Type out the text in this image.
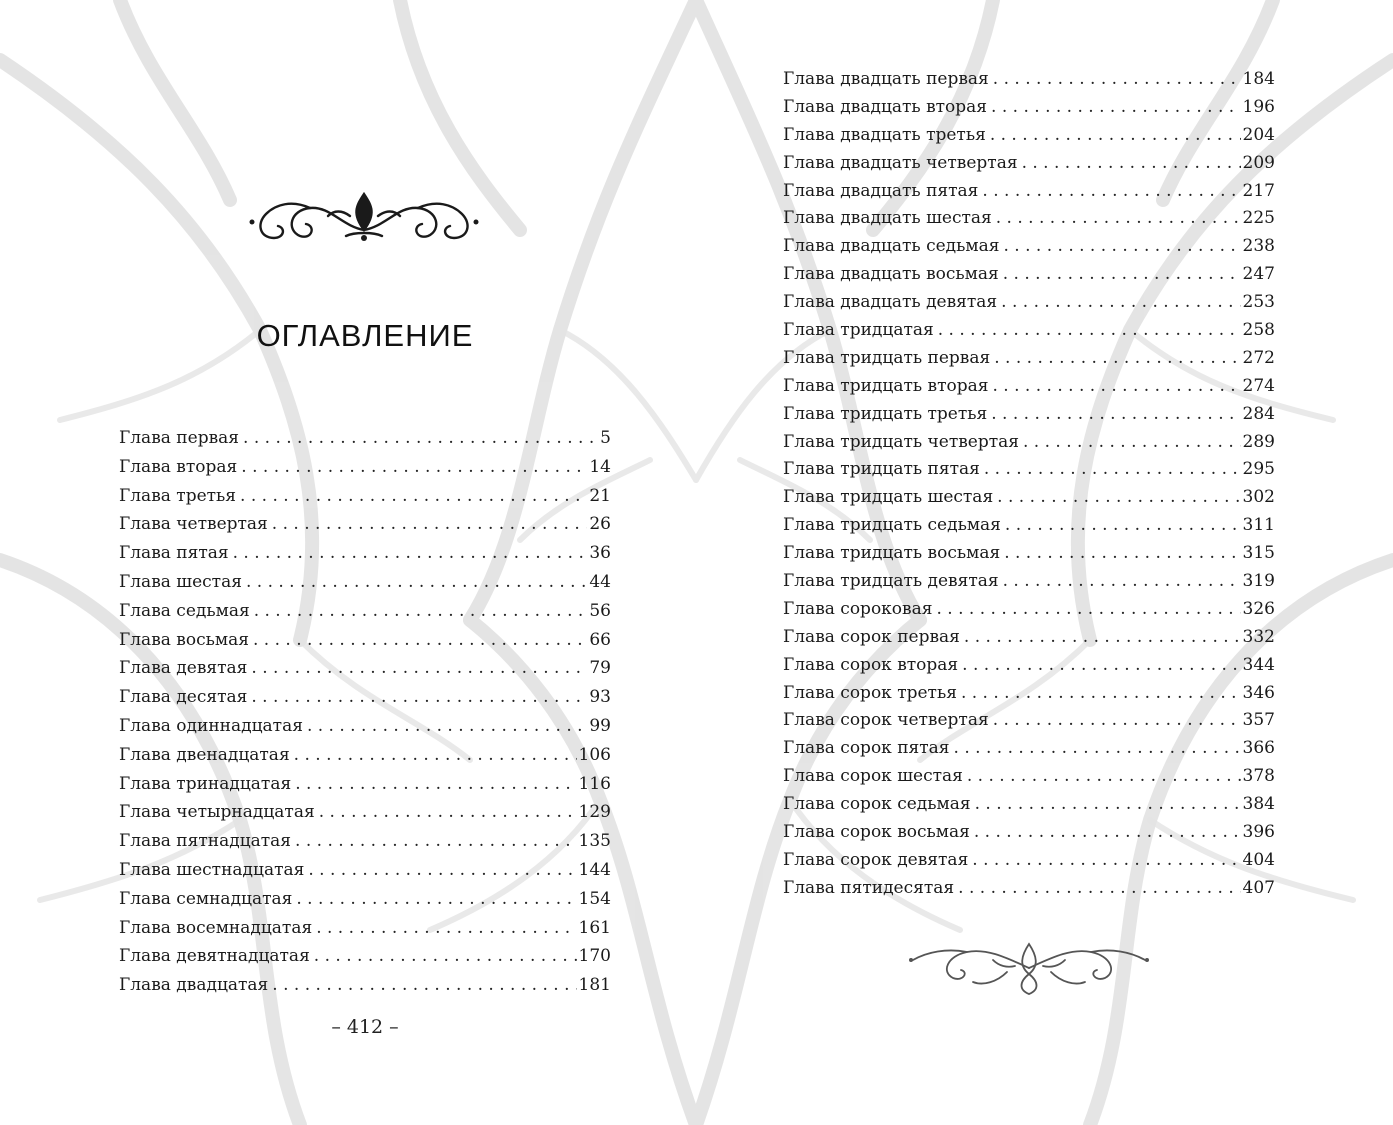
ОГЛАВЛЕНИЕ
Глава первая . . .	5
Глава вторая . . .	14
Глава третья . . .	21
Глава четвертая . . .	26
Глава пятая . . .	36
Глава шестая . . .	44
Глава седьмая . . .	56
Глава восьмая . . .	66
Глава девятая . . .	79
Глава десятая . . .	93
Глава одиннадцатая . . .	99
Глава двенадцатая . . .	106
Глава тринадцатая . . .	116
Глава четырнадцатая . . .	129
Глава пятнадцатая . . .	135
Глава шестнадцатая . . .	144
Глава семнадцатая . . .	154
Глава восемнадцатая . . .	161
Глава девятнадцатая . . .	170
Глава двадцатая . . .	181
– 412 –
Глава двадцать первая . . .	184
Глава двадцать вторая . . .	196
Глава двадцать третья . . .	204
Глава двадцать четвертая . . .	209
Глава двадцать пятая . . .	217
Глава двадцать шестая . . .	225
Глава двадцать седьмая . . .	238
Глава двадцать восьмая . . .	247
Глава двадцать девятая . . .	253
Глава тридцатая . . .	258
Глава тридцать первая . . .	272
Глава тридцать вторая . . .	274
Глава тридцать третья . . .	284
Глава тридцать четвертая . . .	289
Глава тридцать пятая . . .	295
Глава тридцать шестая . . .	302
Глава тридцать седьмая . . .	311
Глава тридцать восьмая . . .	315
Глава тридцать девятая . . .	319
Глава сороковая . . .	326
Глава сорок первая . . .	332
Глава сорок вторая . . .	344
Глава сорок третья . . .	346
Глава сорок четвертая . . .	357
Глава сорок пятая . . .	366
Глава сорок шестая . . .	378
Глава сорок седьмая . . .	384
Глава сорок восьмая . . .	396
Глава сорок девятая . . .	404
Глава пятидесятая . . .	407
